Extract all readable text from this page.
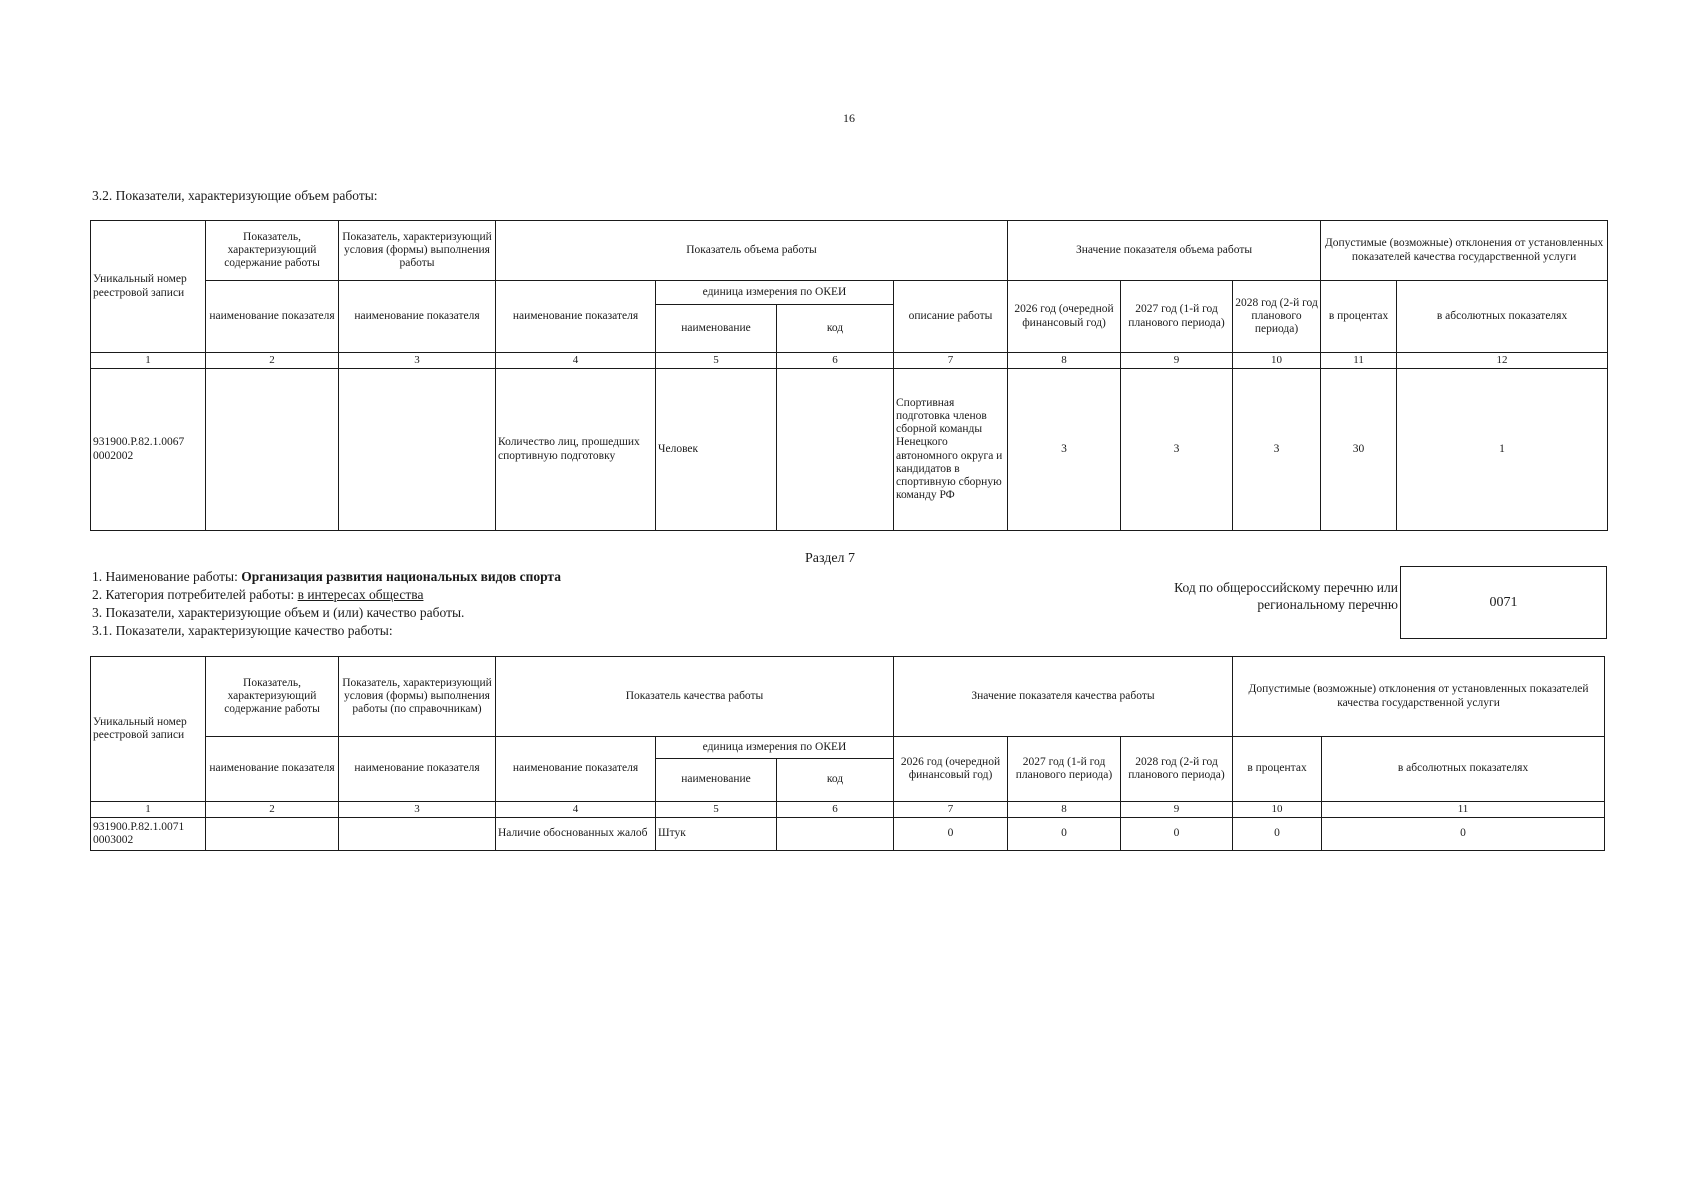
16
3.2. Показатели, характеризующие объем работы:
Уникальный номер реестровой записи	Показатель, характеризующий содержание работы	Показатель, характеризующий условия (формы) выполнения работы	Показатель объема работы				Значение показателя объема работы			Допустимые (возможные) отклонения от установленных показателей качества государственной услуги	
	наименование показателя	наименование показателя	наименование показателя	единица измерения по ОКЕИ		описание работы	2026 год (очередной финансовый год)	2027 год (1-й год планового периода)	2028 год (2-й год планового периода)	в процентах	в абсолютных показателях
				наименование	код						
1	2	3	4	5	6	7	8	9	10	11	12
931900.Р.82.1.0067 0002002			Количество лиц, прошедших спортивную подготовку	Человек		Спортивная подготовка членов сборной команды Ненецкого автономного округа и кандидатов в спортивную сборную команду РФ	3	3	3	30	1
Раздел 7
1. Наименование работы: Организация развития национальных видов спорта
2. Категория потребителей работы: в интересах общества
3. Показатели, характеризующие объем и (или) качество работы.
3.1. Показатели, характеризующие качество работы:
Код по общероссийскому перечню или региональному перечню	0071
Уникальный номер реестровой записи	Показатель, характеризующий содержание работы	Показатель, характеризующий условия (формы) выполнения работы (по справочникам)	Показатель качества работы			Значение показателя качества работы			Допустимые (возможные) отклонения от установленных показателей качества государственной услуги	
	наименование показателя	наименование показателя	наименование показателя	единица измерения по ОКЕИ		2026 год (очередной финансовый год)	2027 год (1-й год планового периода)	2028 год (2-й год планового периода)	в процентах	в абсолютных показателях
				наименование	код					
1	2	3	4	5	6	7	8	9	10	11
931900.Р.82.1.0071 0003002			Наличие обоснованных жалоб	Штук		0	0	0	0	0
